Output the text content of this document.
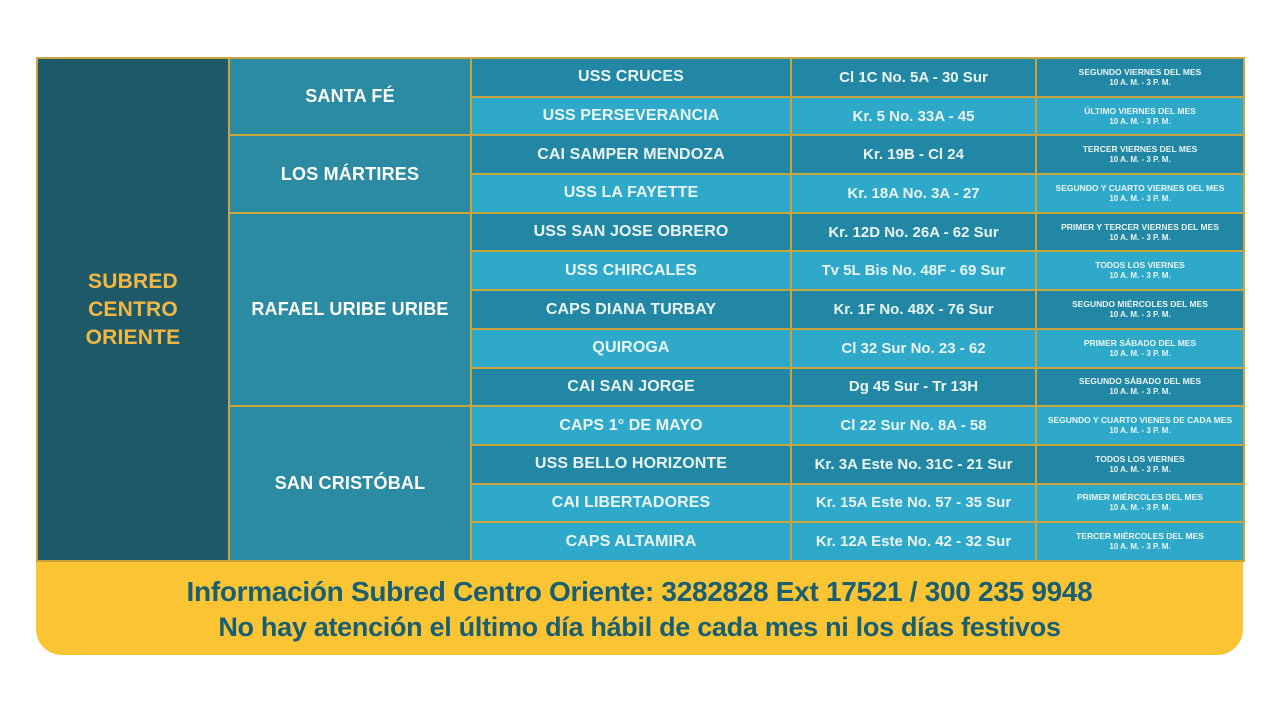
SUBRED
CENTRO ORIENTE
SANTA FÉ
USS CRUCES	Cl 1C No. 5A - 30 Sur	SEGUNDO VIERNES DEL MES
10 A. M. - 3 P. M.
USS PERSEVERANCIA	Kr. 5 No. 33A - 45	ÚLTIMO VIERNES DEL MES
10 A. M. - 3 P. M.
LOS MÁRTIRES
CAI SAMPER MENDOZA	Kr. 19B - Cl 24	TERCER VIERNES DEL MES
10 A. M. - 3 P. M.
USS LA FAYETTE	Kr. 18A No. 3A - 27	SEGUNDO Y CUARTO VIERNES DEL MES
10 A. M. - 3 P. M.
RAFAEL URIBE URIBE
USS SAN JOSE OBRERO	Kr. 12D No. 26A - 62 Sur	PRIMER Y TERCER VIERNES DEL MES
10 A. M. - 3 P. M.
USS CHIRCALES	Tv 5L Bis No. 48F - 69 Sur	TODOS LOS VIERNES
10 A. M. - 3 P. M.
CAPS DIANA TURBAY	Kr. 1F No. 48X - 76 Sur	SEGUNDO MIÉRCOLES DEL MES
10 A. M. - 3 P. M.
QUIROGA	Cl 32 Sur No. 23 - 62	PRIMER SÁBADO DEL MES
10 A. M. - 3 P. M.
CAI SAN JORGE	Dg 45 Sur - Tr 13H	SEGUNDO SÁBADO DEL MES
10 A. M. - 3 P. M.
SAN CRISTÓBAL
CAPS 1° DE MAYO	Cl 22 Sur No. 8A - 58	SEGUNDO Y CUARTO VIENES DE CADA MES
10 A. M. - 3 P. M.
USS BELLO HORIZONTE	Kr. 3A Este No. 31C - 21 Sur	TODOS LOS VIERNES
10 A. M. - 3 P. M.
CAI LIBERTADORES	Kr. 15A Este No. 57 - 35 Sur	PRIMER MIÉRCOLES DEL MES
10 A. M. - 3 P. M.
CAPS ALTAMIRA	Kr. 12A Este No. 42 - 32 Sur	TERCER MIÉRCOLES DEL MES
10 A. M. - 3 P. M.
Información Subred Centro Oriente: 3282828 Ext 17521 / 300 235 9948
No hay atención el último día hábil de cada mes ni los días festivos
